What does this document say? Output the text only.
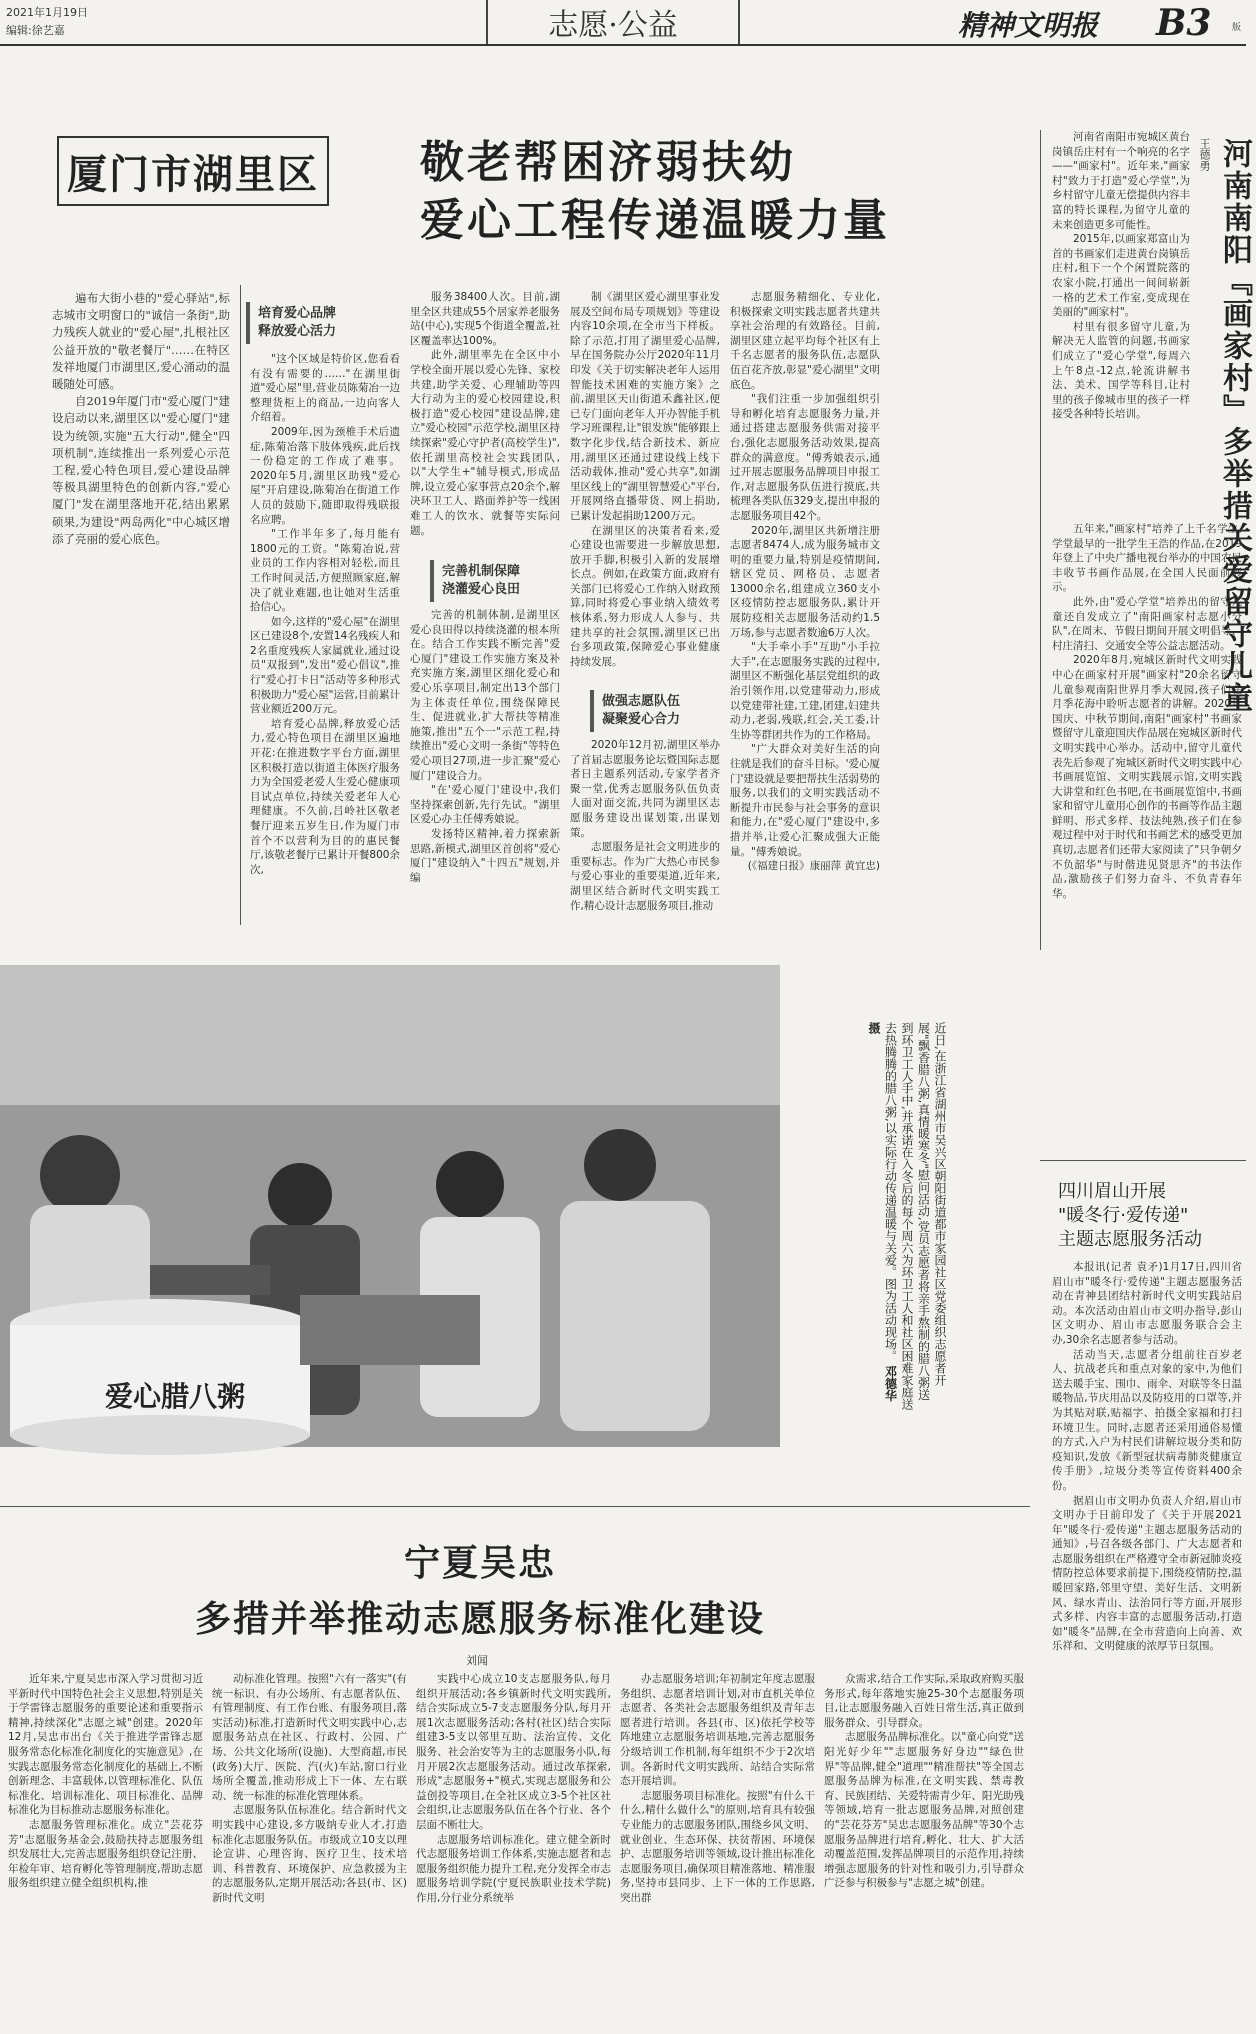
2021年1月19日
编辑:徐艺嘉	志愿·公益	精神文明报 B3 版
厦门市湖里区 敬老帮困济弱扶幼
爱心工程传递温暖力量

遍布大街小巷的"爱心驿站",标志城市文明窗口的"诚信一条街",助力残疾人就业的"爱心屋",扎根社区公益开放的"敬老餐厅"……在特区发祥地厦门市湖里区,爱心涌动的温暖随处可感。

自2019年厦门市"爱心厦门"建设启动以来,湖里区以"爱心厦门"建设为统领,实施"五大行动",健全"四项机制",连续推出一系列爱心示范工程,爱心特色项目,爱心建设品牌等极具湖里特色的创新内容,"爱心厦门"发在湖里落地开花,结出累累硕果,为建设"两岛两化"中心城区增添了亮丽的爱心底色。

培育爱心品牌
释放爱心活力

"这个区域是特价区,您看看有没有需要的……"在湖里街道"爱心屋"里,营业员陈菊冶一边整理货柜上的商品,一边向客人介绍着。

2009年,因为颈椎手术后遗症,陈菊冶落下肢体残疾,此后找一份稳定的工作成了难事。2020年5月,湖里区助残"爱心屋"开启建设,陈菊冶在街道工作人员的鼓励下,随即取得残联报名应聘。

"工作半年多了,每月能有1800元的工资。"陈菊冶说,营业员的工作内容相对轻松,而且工作时间灵活,方便照顾家庭,解决了就业难题,也让她对生活重拾信心。

如今,这样的"爱心屋"在湖里区已建设8个,安置14名残疾人和2名重度残疾人家属就业,通过设员"双报到",发出"爱心倡议",推行"爱心打卡日"活动等多种形式积极助力"爱心屋"运营,目前累计营业额近200万元。

培育爱心品牌,释放爱心活力,爱心特色项目在湖里区遍地开花:在推进数字平台方面,湖里区积极打造以街道主体医疗服务力为全国爱老爱人生爱心健康项目试点单位,持续关爱老年人心理健康。不久前,吕岭社区敬老餐厅迎来五岁生日,作为厦门市首个不以营利为目的的惠民餐厅,该敬老餐厅已累计开餐800余次,

服务38400人次。目前,湖里全区共建成55个居家养老服务站(中心),实现5个街道全覆盖,社区覆盖率达100%。

此外,湖里率先在全区中小学校全面开展以爱心先锋、家校共建,助学关爱、心理辅助等四大行动为主的爱心校园建设,积极打造"爱心校园"建设品牌,建立"爱心校园"示范学校,湖里区持续探索"爱心守护者(高校学生)",依托湖里高校社会实践团队,以"大学生+"辅导模式,形成品牌,设立爱心家事营点20余个,解决环卫工人、路面养护等一线困难工人的饮水、就餐等实际问题。

完善机制保障
浇灌爱心良田

完善的机制体制,是湖里区爱心良田得以持续浇灌的根本所在。结合工作实践不断完善"爱心厦门"建设工作实施方案及补充实施方案,湖里区细化爱心和爱心乐享项目,制定出13个部门为主体责任单位,围绕保障民生、促进就业,扩大帮扶等精准施策,推出"五个一"示范工程,持续推出"爱心文明一条街"等特色爱心项目27项,进一步汇聚"爱心厦门"建设合力。

"在'爱心厦门'建设中,我们坚持探索创新,先行先试。"湖里区爱心办主任傅秀娘说。

发扬特区精神,着力探索新思路,新模式,湖里区首创将"爱心厦门"建设纳入"十四五"规划,并编

制《湖里区爱心湖里事业发展及空间布局专项规划》等建设内容10余项,在全市当下样板。除了示范,打用了湖里爱心品牌,早在国务院办公厅2020年11月印发《关于切实解决老年人运用智能技术困难的实施方案》之前,湖里区天山街道禾鑫社区,便已专门面向老年人开办智能手机学习班课程,让"银发族"能够跟上数字化步伐,结合新技术、新应用,湖里区还通过建设线上线下活动载体,推动"爱心共享",如湖里区线上的"湖里智慧爱心"平台,开展网络直播带货、网上捐助,已累计发起捐助1200万元。

在湖里区的决策者看来,爱心建设也需要进一步解放思想,放开手脚,积极引入新的发展增长点。例如,在政策方面,政府有关部门已将爱心工作纳入财政预算,同时将爱心事业纳入绩效考核体系,努力形成人人参与、共建共享的社会氛围,湖里区已出台多项政策,保障爱心事业健康持续发展。

做强志愿队伍
凝聚爱心合力

2020年12月初,湖里区举办了首届志愿服务论坛暨国际志愿者日主题系列活动,专家学者齐聚一堂,优秀志愿服务队伍负责人面对面交流,共同为湖里区志愿服务建设出谋划策,出谋划策。

志愿服务是社会文明进步的重要标志。作为广大热心市民参与爱心事业的重要渠道,近年来,湖里区结合新时代文明实践工作,精心设计志愿服务项目,推动

志愿服务精细化、专业化,积极探索文明实践志愿者共建共享社会治理的有效路径。目前,湖里区建立起平均每个社区有上千名志愿者的服务队伍,志愿队伍百花齐放,彰显"爱心湖里"文明底色。

"我们注重一步加强组织引导和孵化培育志愿服务力量,并通过搭建志愿服务供需对接平台,强化志愿服务活动效果,提高群众的满意度。"傅秀娘表示,通过开展志愿服务品牌项目申报工作,对志愿服务队伍进行摸底,共梳理各类队伍329支,提出申报的志愿服务项目42个。

2020年,湖里区共新增注册志愿者8474人,成为服务城市文明的重要力量,特别是疫情期间,辖区党员、网格员、志愿者13000余名,组建成立360支小区疫情防控志愿服务队,累计开展防疫相关志愿服务活动约1.5万场,参与志愿者数逾6万人次。

"大手牵小手"互助"小手拉大手",在志愿服务实践的过程中,湖里区不断强化基层党组织的政治引领作用,以党建带动力,形成以党建带社建,工建,团建,妇建共动力,老弱,残联,红会,关工委,计生协等群团共作为的工作格局。

"广大群众对美好生活的向往就是我们的奋斗目标。'爱心厦门'建设就是要把帮扶生活弱势的服务,以我们的文明实践活动不断提升市民参与社会事务的意识和能力,在"爱心厦门"建设中,多措并举,让爱心汇聚成强大正能量。"傅秀娘说。

(《福建日报》康丽萍 黄宜忠)

河南南阳『画家村』多举措关爱留守儿童
王德勇

河南省南阳市宛城区黄台岗镇岳庄村有一个响亮的名字——"画家村"。近年来,"画家村"致力于打造"爱心学堂",为乡村留守儿童无偿提供内容丰富的特长课程,为留守儿童的未来创造更多可能性。

2015年,以画家郑富山为首的书画家们走进黄台岗镇岳庄村,租下一个个闲置院落的农家小院,打通出一间间崭新一格的艺术工作室,变成现在美丽的"画家村"。

村里有很多留守儿童,为解决无人监管的问题,书画家们成立了"爱心学堂",每周六上午8点-12点,轮流讲解书法、美术、国学等科目,让村里的孩子像城市里的孩子一样接受各种特长培训。

五年来,"画家村"培养了上千名学生,学堂最早的一批学生王浩的作品,在2019年登上了中央广播电视台举办的中国农民丰收节书画作品展,在全国人民面前展示。

此外,由"爱心学堂"培养出的留守儿童还自发成立了"南阳画家村志愿小分队",在周末、节假日期间开展文明倡导、村庄清扫、交通安全等公益志愿活动。

2020年8月,宛城区新时代文明实践中心在画家村开展"画家村"20余名留守儿童参观南阳世界月季大观园,孩子们在月季花海中聆听志愿者的讲解。2020年国庆、中秋节期间,南阳"画家村"书画家暨留守儿童迎国庆作品展在宛城区新时代文明实践中心举办。活动中,留守儿童代表先后参观了宛城区新时代文明实践中心书画展览馆、文明实践展示馆,文明实践大讲堂和红色书吧,在书画展览馆中,书画家和留守儿童用心创作的书画等作品主题鲜明、形式多样、技法纯熟,孩子们在参观过程中对于时代和书画艺术的感受更加真切,志愿者们还带大家阅读了"只争朝夕不负韶华"与时偕进见贤思齐"的书法作品,激励孩子们努力奋斗、不负青春年华。

爱心腊八粥
近日,在浙江省湖州市吴兴区朝阳街道都市家园社区党委组织志愿者开展"飘香腊八粥,真情暖寒冬"慰问活动,党员志愿者将亲手熬制的腊八粥送到环卫工人手中,并承诺在入冬后的每个周六为环卫工人和社区困难家庭送去热腾腾的腊八粥,以实际行动传递温暖与关爱。图为活动现场。 邓德华 摄
四川眉山开展
"暖冬行·爱传递"
主题志愿服务活动

本报讯(记者 袁矛)1月17日,四川省眉山市"暖冬行·爱传递"主题志愿服务活动在青神县团结村新时代文明实践站启动。本次活动由眉山市文明办指导,彭山区文明办、眉山市志愿服务联合会主办,30余名志愿者参与活动。

活动当天,志愿者分组前往百岁老人、抗战老兵和重点对象的家中,为他们送去暖手宝、围巾、雨伞、对联等冬日温暖物品,节庆用品以及防疫用的口罩等,并为其贴对联,贴福字、拍摄全家福和打扫环境卫生。同时,志愿者还采用通俗易懂的方式,入户为村民们讲解垃圾分类和防疫知识,发放《新型冠状病毒肺炎健康宣传手册》,垃圾分类等宣传资料400余份。

据眉山市文明办负责人介绍,眉山市文明办于日前印发了《关于开展2021年"暖冬行·爱传递"主题志愿服务活动的通知》,号召各级各部门、广大志愿者和志愿服务组织在严格遵守全市新冠肺炎疫情防控总体要求前提下,围绕疫情防控,温暖回家路,邻里守望、美好生活、文明新风、绿水青山、法治同行等方面,开展形式多样、内容丰富的志愿服务活动,打造如"暖冬"品牌,在全市营造向上向善、欢乐祥和、文明健康的浓厚节日氛围。

宁夏吴忠
多措并举推动志愿服务标准化建设
刘闻

近年来,宁夏吴忠市深入学习贯彻习近平新时代中国特色社会主义思想,特别是关于学雷锋志愿服务的重要论述和重要指示精神,持续深化"志愿之城"创建。2020年12月,吴忠市出台《关于推进学雷锋志愿服务常态化标准化制度化的实施意见》,在实践志愿服务常态化制度化的基础上,不断创新理念、丰富载体,以管理标准化、队伍标准化、培训标准化、项目标准化、品牌标准化为目标推动志愿服务标准化。

志愿服务管理标准化。成立"芸花芬芳"志愿服务基金会,鼓励扶持志愿服务组织发展壮大,完善志愿服务组织登记注册、年检年审、培育孵化等管理制度,帮助志愿服务组织建立健全组织机构,推

动标准化管理。按照"六有一落实"(有统一标识、有办公场所、有志愿者队伍、有管理制度、有工作台账、有服务项目,落实活动)标准,打造新时代文明实践中心,志愿服务站点在社区、行政村、公园、广场、公共文化场所(设施)、大型商超,市民(政务)大厅、医院、汽(火)车站,窗口行业场所全覆盖,推动形成上下一体、左右联动、统一标准的标准化管理体系。

志愿服务队伍标准化。结合新时代文明实践中心建设,多方吸纳专业人才,打造标准化志愿服务队伍。市级成立10支以理论宣讲、心理咨询、医疗卫生、技术培训、科普教育、环境保护、应急救援为主的志愿服务队,定期开展活动;各县(市、区)新时代文明

实践中心成立10支志愿服务队,每月组织开展活动;各乡镇新时代文明实践所,结合实际成立5-7支志愿服务分队,每月开展1次志愿服务活动;各村(社区)结合实际组建3-5支以邻里互助、法治宣传、文化服务、社会治安等为主的志愿服务小队,每月开展2次志愿服务活动。通过改革探索,形成"志愿服务+"模式,实现志愿服务和公益创投等项目,在全社区成立3-5个社区社会组织,让志愿服务队伍在各个行业、各个层面不断壮大。

志愿服务培训标准化。建立健全新时代志愿服务培训工作体系,实施志愿者和志愿服务组织能力提升工程,充分发挥全市志愿服务培训学院(宁夏民族职业技术学院)作用,分行业分系统举

办志愿服务培训;年初制定年度志愿服务组织、志愿者培训计划,对市直机关单位志愿者、各类社会志愿服务组织及青年志愿者进行培训。各县(市、区)依托学校等阵地建立志愿服务培训基地,完善志愿服务分级培训工作机制,每年组织不少于2次培训。各新时代文明实践所、站结合实际常态开展培训。

志愿服务项目标准化。按照"有什么干什么,精什么做什么"的原则,培育具有较强专业能力的志愿服务团队,围绕乡风文明、就业创业、生态环保、扶贫帮困、环境保护、志愿服务培训等领域,设计推出标准化志愿服务项目,确保项目精准落地、精准服务,坚持市县同步、上下一体的工作思路,突出群

众需求,结合工作实际,采取政府购买服务形式,每年落地实施25-30个志愿服务项目,让志愿服务融入百姓日常生活,真正做到服务群众、引导群众。

志愿服务品牌标准化。以"童心向党"送阳光好少年""志愿服务好身边""绿色世界"等品牌,健全"道理""精准帮扶"等全国志愿服务品牌为标准,在文明实践、禁毒教育、民族团结、关爱特需青少年、阳光助残等领域,培育一批志愿服务品牌,对照创建的"芸花芬芳"吴忠志愿服务品牌"等30个志愿服务品牌进行培育,孵化、壮大、扩大活动覆盖范围,发挥品牌项目的示范作用,持续增强志愿服务的针对性和吸引力,引导群众广泛参与积极参与"志愿之城"创建。
